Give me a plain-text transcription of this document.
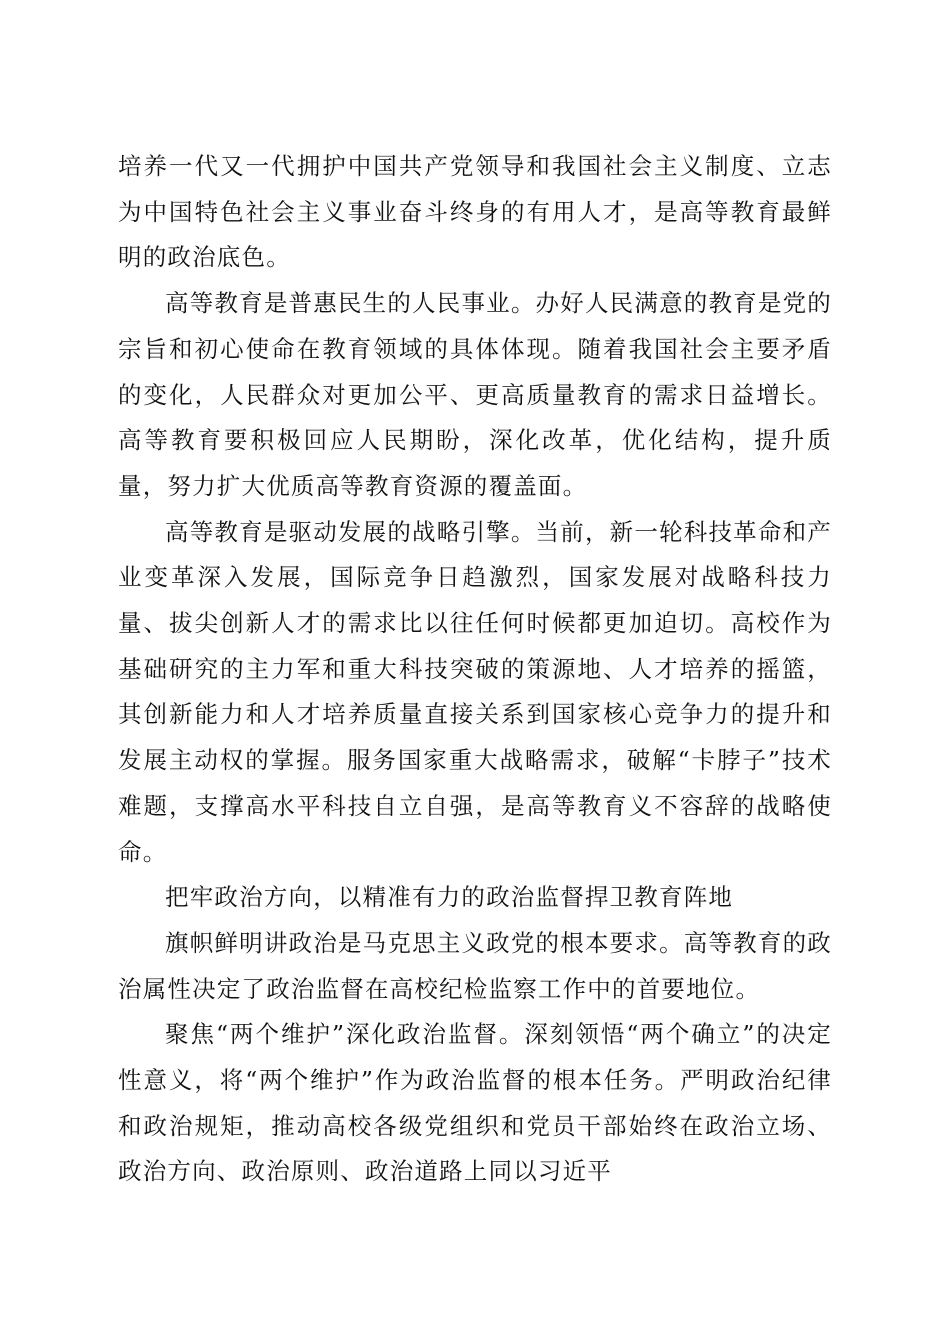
培养一代又一代拥护中国共产党领导和我国社会主义制度、立志为中国特色社会主义事业奋斗终身的有用人才，是高等教育最鲜明的政治底色。

高等教育是普惠民生的人民事业。办好人民满意的教育是党的宗旨和初心使命在教育领域的具体体现。随着我国社会主要矛盾的变化，人民群众对更加公平、更高质量教育的需求日益增长。高等教育要积极回应人民期盼，深化改革，优化结构，提升质量，努力扩大优质高等教育资源的覆盖面。

高等教育是驱动发展的战略引擎。当前，新一轮科技革命和产业变革深入发展，国际竞争日趋激烈，国家发展对战略科技力量、拔尖创新人才的需求比以往任何时候都更加迫切。高校作为基础研究的主力军和重大科技突破的策源地、人才培养的摇篮，其创新能力和人才培养质量直接关系到国家核心竞争力的提升和发展主动权的掌握。服务国家重大战略需求，破解“卡脖子”技术难题，支撑高水平科技自立自强，是高等教育义不容辞的战略使命。

把牢政治方向，以精准有力的政治监督捍卫教育阵地

旗帜鲜明讲政治是马克思主义政党的根本要求。高等教育的政治属性决定了政治监督在高校纪检监察工作中的首要地位。

聚焦“两个维护”深化政治监督。深刻领悟“两个确立”的决定性意义，将“两个维护”作为政治监督的根本任务。严明政治纪律和政治规矩，推动高校各级党组织和党员干部始终在政治立场、政治方向、政治原则、政治道路上同以习近平
